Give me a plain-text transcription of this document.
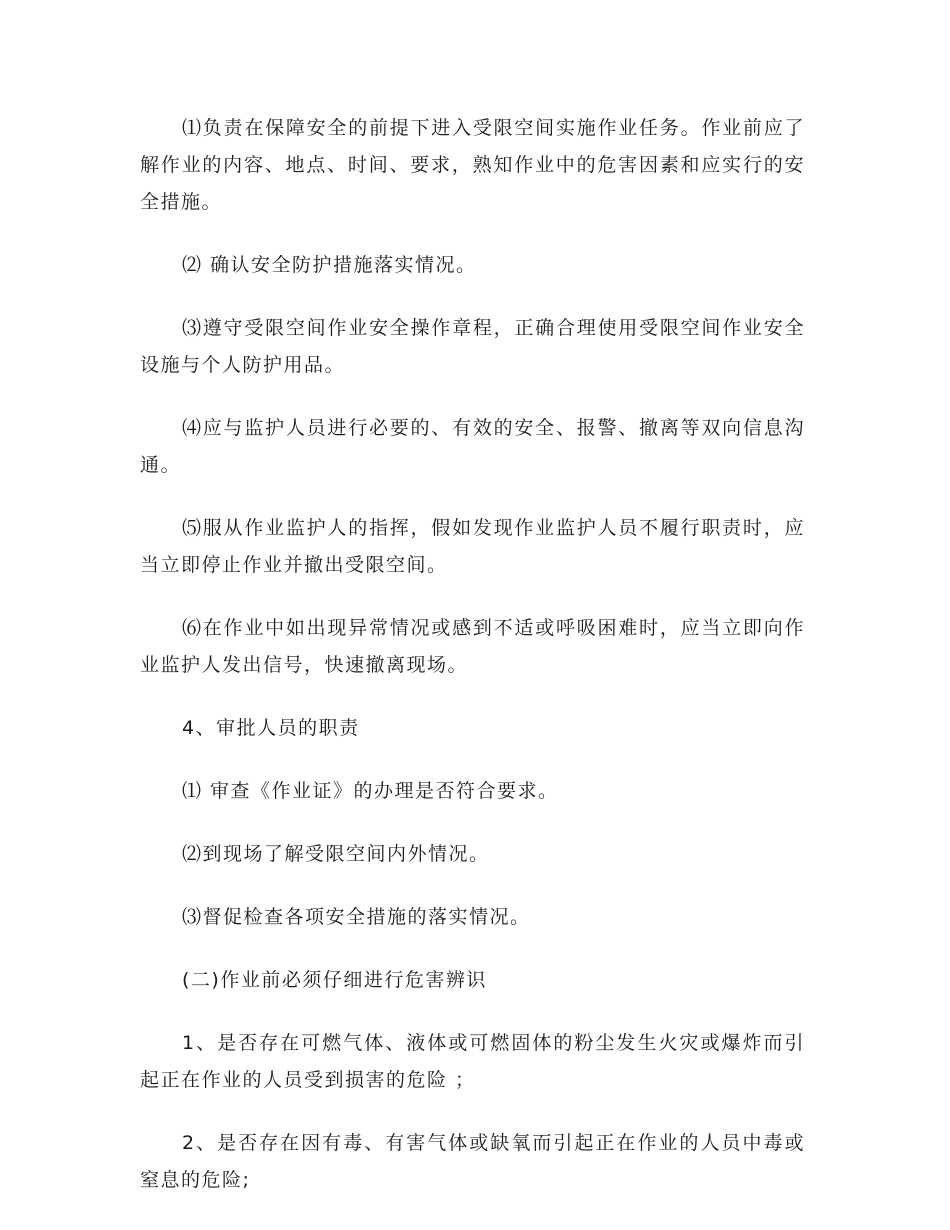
⑴负责在保障安全的前提下进入受限空间实施作业任务。作业前应了解作业的内容、地点、时间、要求，熟知作业中的危害因素和应实行的安全措施。

⑵ 确认安全防护措施落实情况。

⑶遵守受限空间作业安全操作章程，正确合理使用受限空间作业安全设施与个人防护用品。

⑷应与监护人员进行必要的、有效的安全、报警、撤离等双向信息沟通。

⑸服从作业监护人的指挥，假如发现作业监护人员不履行职责时，应当立即停止作业并撤出受限空间。

⑹在作业中如出现异常情况或感到不适或呼吸困难时，应当立即向作业监护人发出信号，快速撤离现场。

4、审批人员的职责

⑴ 审查《作业证》的办理是否符合要求。

⑵到现场了解受限空间内外情况。

⑶督促检查各项安全措施的落实情况。

(二)作业前必须仔细进行危害辨识

1、是否存在可燃气体、液体或可燃固体的粉尘发生火灾或爆炸而引起正在作业的人员受到损害的危险 ；

2、是否存在因有毒、有害气体或缺氧而引起正在作业的人员中毒或窒息的危险;
